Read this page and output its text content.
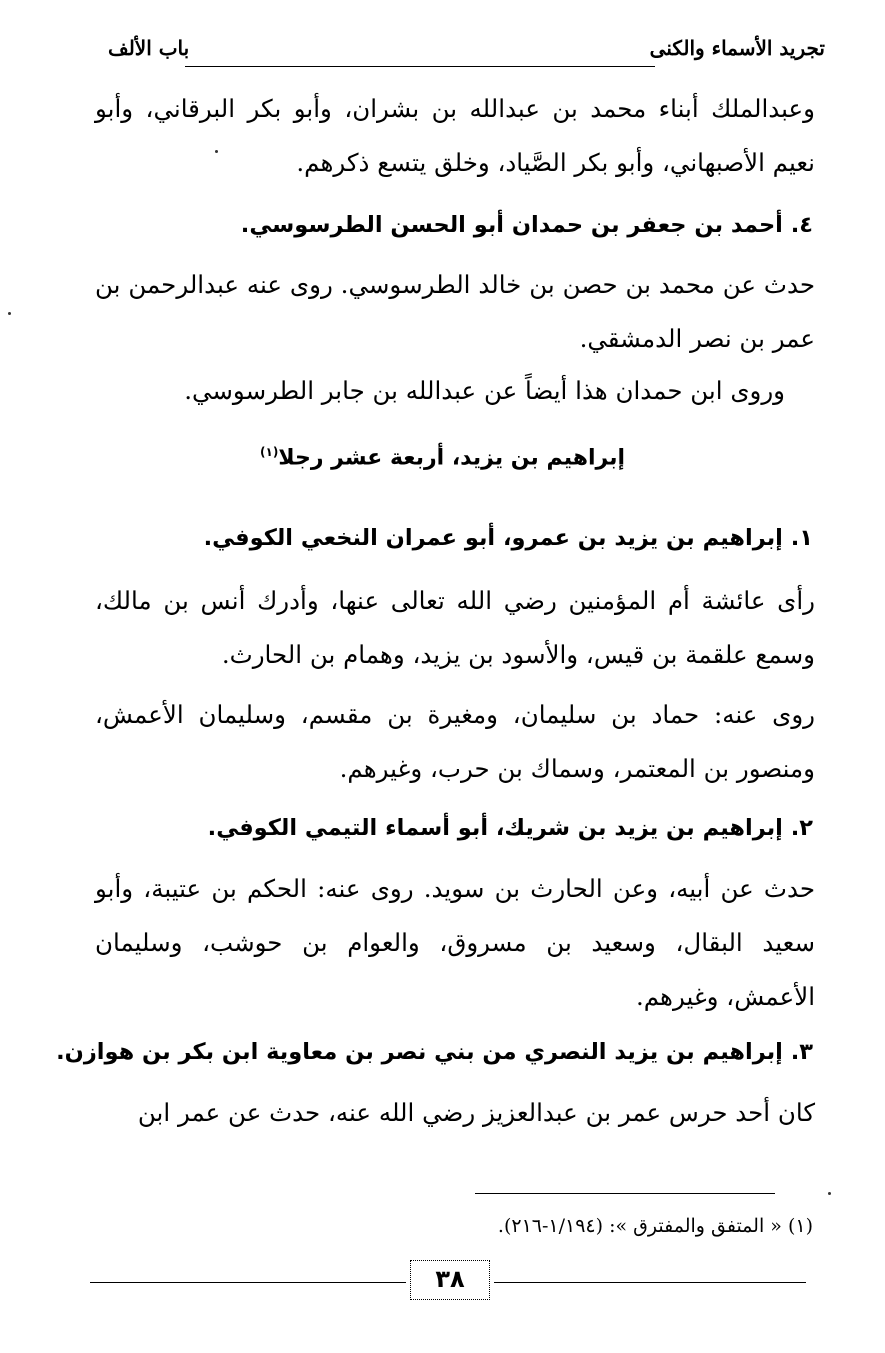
تجريد الأسماء والكنى
باب الألف
وعبدالملك أبناء محمد بن عبدالله بن بشران، وأبو بكر البرقاني، وأبو نعيم الأصبهاني، وأبو بكر الصَّياد، وخلق يتسع ذكرهم.
٤. أحمد بن جعفر بن حمدان أبو الحسن الطرسوسي.
حدث عن محمد بن حصن بن خالد الطرسوسي. روى عنه عبدالرحمن بن عمر بن نصر الدمشقي.
وروى ابن حمدان هذا أيضاً عن عبدالله بن جابر الطرسوسي.
إبراهيم بن يزيد، أربعة عشر رجلا$^{(١)}$
١. إبراهيم بن يزيد بن عمرو، أبو عمران النخعي الكوفي.
رأى عائشة أم المؤمنين رضي الله تعالى عنها، وأدرك أنس بن مالك، وسمع علقمة بن قيس، والأسود بن يزيد، وهمام بن الحارث.
روى عنه: حماد بن سليمان، ومغيرة بن مقسم، وسليمان الأعمش، ومنصور بن المعتمر، وسماك بن حرب، وغيرهم.
٢. إبراهيم بن يزيد بن شريك، أبو أسماء التيمي الكوفي.
حدث عن أبيه، وعن الحارث بن سويد. روى عنه: الحكم بن عتيبة، وأبو سعيد البقال، وسعيد بن مسروق، والعوام بن حوشب، وسليمان الأعمش، وغيرهم.
٣. إبراهيم بن يزيد النصري من بني نصر بن معاوية ابن بكر بن هوازن.
كان أحد حرس عمر بن عبدالعزيز رضي الله عنه، حدث عن عمر ابن
(١) « المتفق والمفترق »: (١/١٩٤-٢١٦).
٣٨
